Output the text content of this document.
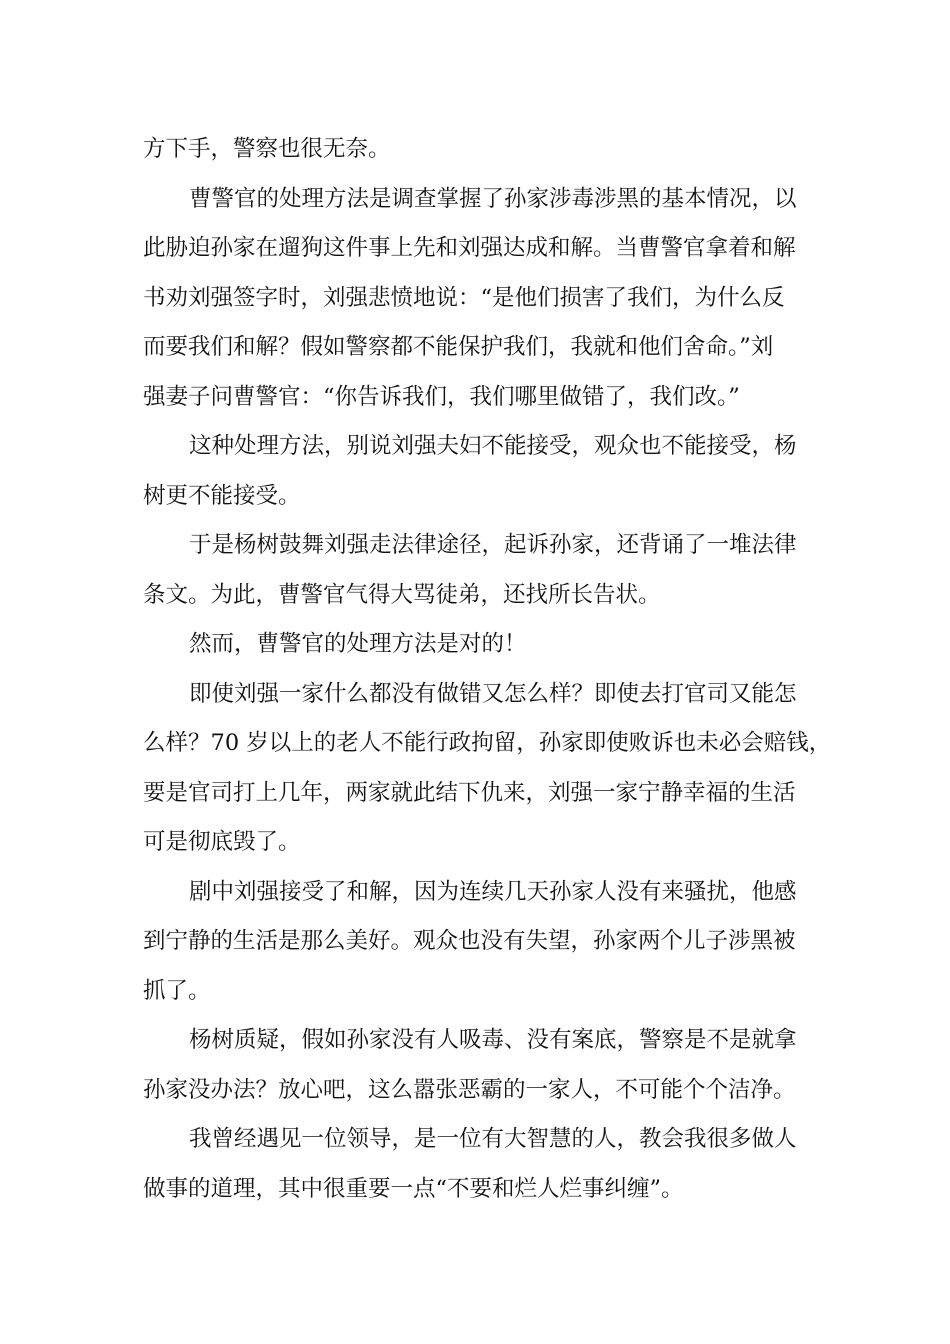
方下手，警察也很无奈。

曹警官的处理方法是调查掌握了孙家涉毒涉黑的基本情况，以

此胁迫孙家在遛狗这件事上先和刘强达成和解。当曹警官拿着和解

书劝刘强签字时，刘强悲愤地说：“是他们损害了我们，为什么反

而要我们和解？假如警察都不能保护我们，我就和他们舍命。”刘

强妻子问曹警官：“你告诉我们，我们哪里做错了，我们改。”

这种处理方法，别说刘强夫妇不能接受，观众也不能接受，杨

树更不能接受。

于是杨树鼓舞刘强走法律途径，起诉孙家，还背诵了一堆法律

条文。为此，曹警官气得大骂徒弟，还找所长告状。

然而，曹警官的处理方法是对的！

即使刘强一家什么都没有做错又怎么样？即使去打官司又能怎

么样？70 岁以上的老人不能行政拘留，孙家即使败诉也未必会赔钱，

要是官司打上几年，两家就此结下仇来，刘强一家宁静幸福的生活

可是彻底毁了。

剧中刘强接受了和解，因为连续几天孙家人没有来骚扰，他感

到宁静的生活是那么美好。观众也没有失望，孙家两个儿子涉黑被

抓了。

杨树质疑，假如孙家没有人吸毒、没有案底，警察是不是就拿

孙家没办法？放心吧，这么嚣张恶霸的一家人，不可能个个洁净。

我曾经遇见一位领导，是一位有大智慧的人，教会我很多做人

做事的道理，其中很重要一点“不要和烂人烂事纠缠”。
